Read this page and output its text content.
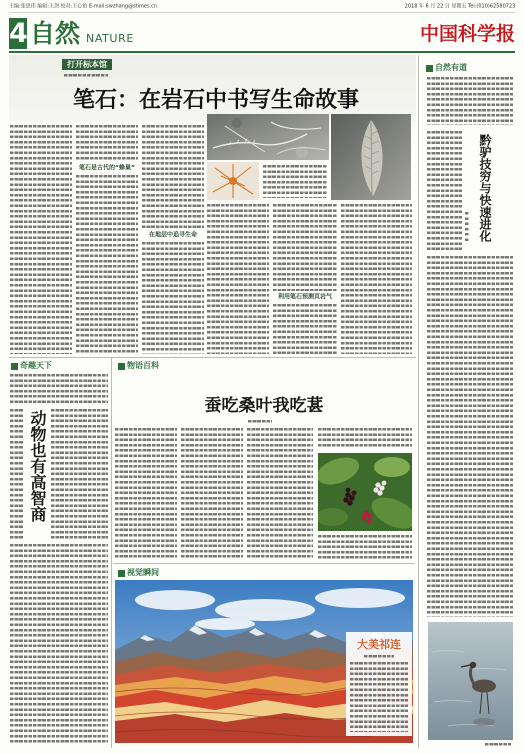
主编:张思玮 编辑:王剑 校对:王心怡 E-mail:swzhang@stimes.cn	2018 年 6 月 22 日 星期五 Tel:(010)62580723
4 自然 NATURE	中国科学报
打开标本馆
笔石：在岩石中书写生命故事
笔石是古代的“蜂巢”
在地层中追寻生命
利用笔石预测页岩气
自然有道
黔驴技穷与快速进化
奇趣天下
动物也有高智商
物语百科
蚕吃桑叶我吃葚
视觉瞬间
大美祁连
